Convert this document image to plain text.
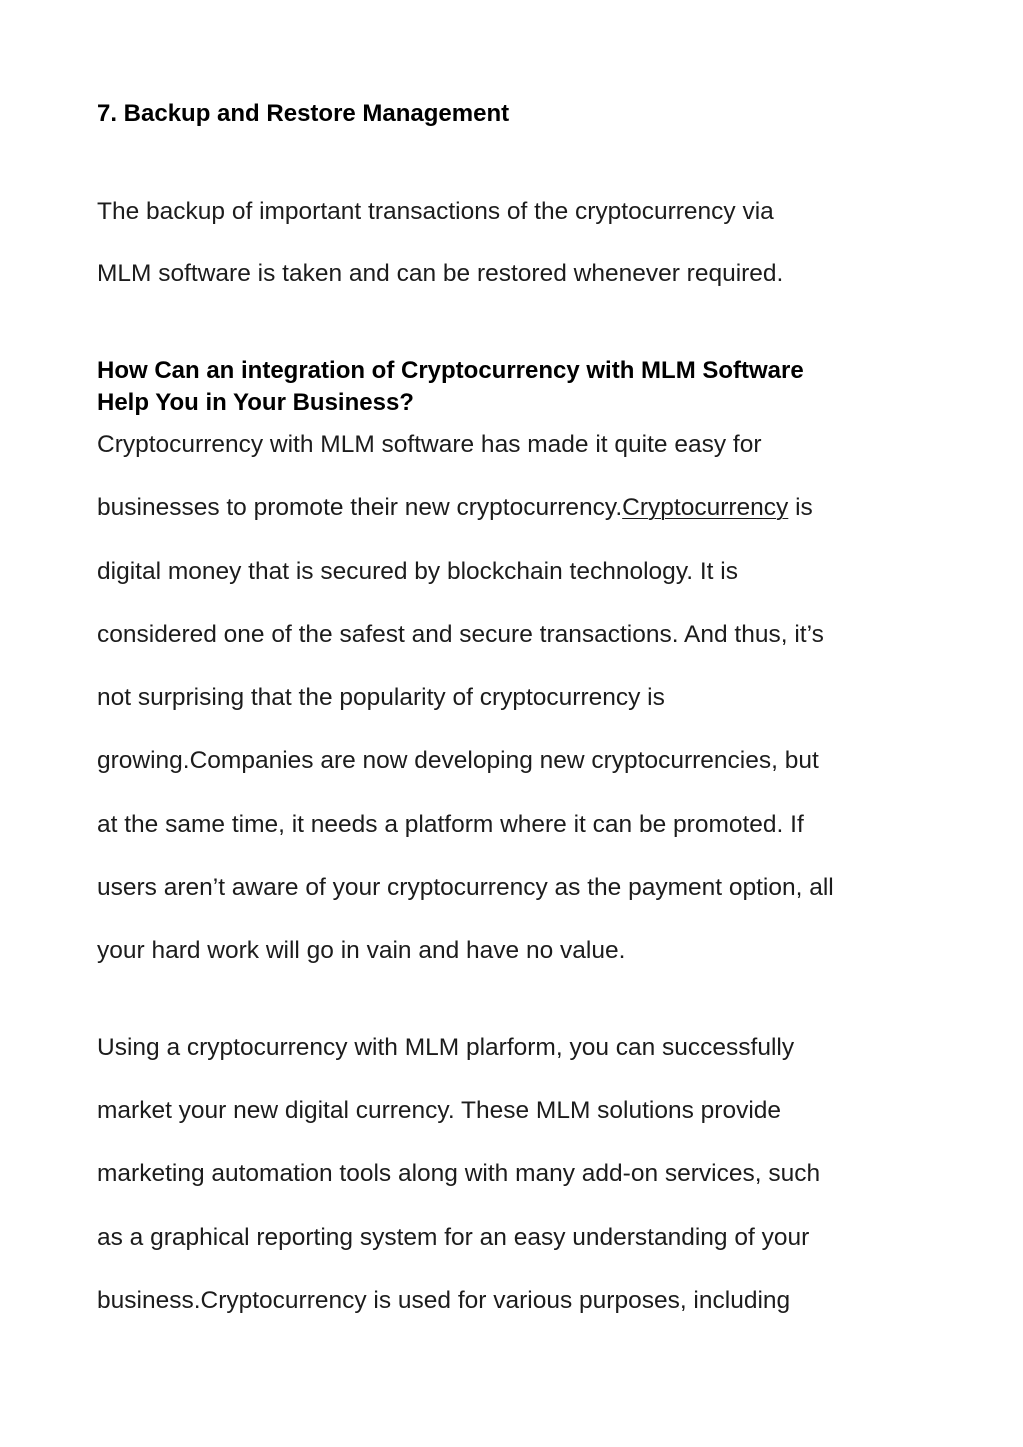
7. Backup and Restore Management
The backup of important transactions of the cryptocurrency via
MLM software is taken and can be restored whenever required.
How Can an integration of Cryptocurrency with MLM Software
Help You in Your Business?
Cryptocurrency with MLM software has made it quite easy for
businesses to promote their new cryptocurrency.Cryptocurrency is
digital money that is secured by blockchain technology. It is
considered one of the safest and secure transactions. And thus, it’s
not surprising that the popularity of cryptocurrency is
growing.Companies are now developing new cryptocurrencies, but
at the same time, it needs a platform where it can be promoted. If
users aren’t aware of your cryptocurrency as the payment option, all
your hard work will go in vain and have no value.
Using a cryptocurrency with MLM plarform, you can successfully
market your new digital currency. These MLM solutions provide
marketing automation tools along with many add-on services, such
as a graphical reporting system for an easy understanding of your
business.Cryptocurrency is used for various purposes, including
